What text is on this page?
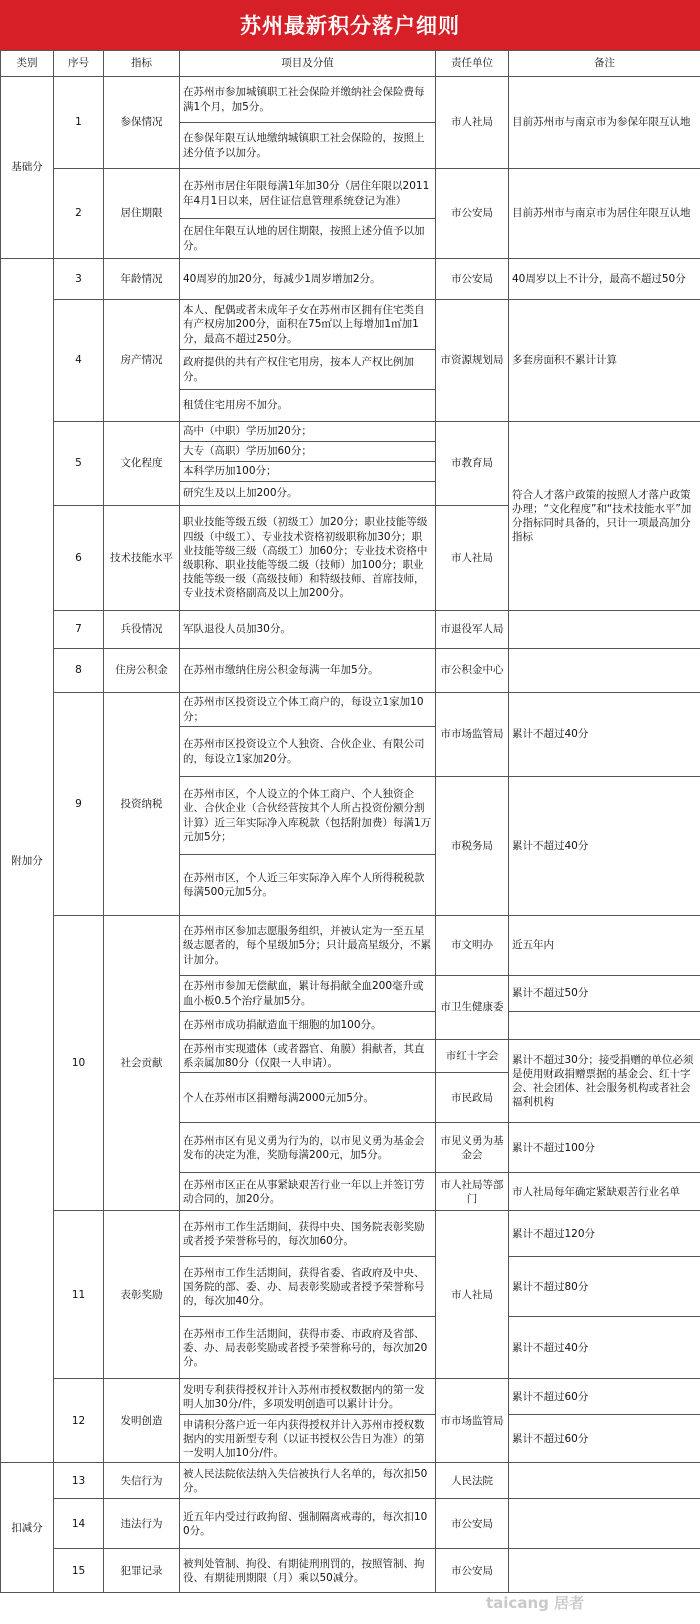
苏州最新积分落户细则
类别	序号	指标	项目及分值	责任单位	备注
基础分	1	参保情况	在苏州市参加城镇职工社会保险并缴纳社会保险费每满1个月，加5分。	市人社局	目前苏州市与南京市为参保年限互认地
			在参保年限互认地缴纳城镇职工社会保险的，按照上述分值予以加分。		
	2	居住期限	在苏州市居住年限每满1年加30分（居住年限以2011年4月1日以来，居住证信息管理系统登记为准）	市公安局	目前苏州市与南京市为居住年限互认地
			在居住年限互认地的居住期限，按照上述分值予以加分。		
附加分	3	年龄情况	40周岁的加20分，每减少1周岁增加2分。	市公安局	40周岁以上不计分，最高不超过50分
	4	房产情况	本人、配偶或者未成年子女在苏州市区拥有住宅类自有产权房加200分，面积在75㎡以上每增加1㎡加1分，最高不超过250分。	市资源规划局	多套房面积不累计计算
			政府提供的共有产权住宅用房，按本人产权比例加分。		
			租赁住宅用房不加分。		
	5	文化程度	高中（中职）学历加20分；	市教育局	符合人才落户政策的按照人才落户政策办理；“文化程度”和“技术技能水平”加分指标同时具备的，只计一项最高加分指标
			大专（高职）学历加60分；		
			本科学历加100分；		
			研究生及以上加200分。		
	6	技术技能水平	职业技能等级五级（初级工）加20分；职业技能等级四级（中级工）、专业技术资格初级职称加30分；职业技能等级三级（高级工）加60分；专业技术资格中级职称、职业技能等级二级（技师）加100分；职业技能等级一级（高级技师）和特级技师、首席技师，专业技术资格副高及以上加200分。	市人社局	
	7	兵役情况	军队退役人员加30分。	市退役军人局	
	8	住房公积金	在苏州市缴纳住房公积金每满一年加5分。	市公积金中心	
	9	投资纳税	在苏州市区投资设立个体工商户的，每设立1家加10分；	市市场监管局	累计不超过40分
			在苏州市区投资设立个人独资、合伙企业、有限公司的，每设立1家加20分。		
			在苏州市区，个人设立的个体工商户、个人独资企业、合伙企业（合伙经营按其个人所占投资份额分割计算）近三年实际净入库税款（包括附加费）每满1万元加5分；	市税务局	累计不超过40分
			在苏州市区，个人近三年实际净入库个人所得税税款每满500元加5分。		
	10	社会贡献	在苏州市区参加志愿服务组织，并被认定为一至五星级志愿者的，每个星级加5分；只计最高星级分，不累计加分。	市文明办	近五年内
			在苏州市参加无偿献血，累计每捐献全血200毫升或血小板0.5个治疗量加5分。	市卫生健康委	累计不超过50分
			在苏州市成功捐献造血干细胞的加100分。		
			在苏州市实现遗体（或者器官、角膜）捐献者，其直系亲属加80分（仅限一人申请）。	市红十字会	累计不超过30分；接受捐赠的单位必须是使用财政捐赠票据的基金会、红十字会、社会团体、社会服务机构或者社会福利机构
			个人在苏州市区捐赠每满2000元加5分。	市民政局	
			在苏州市区有见义勇为行为的，以市见义勇为基金会发布的决定为准，奖励每满200元，加5分。	市见义勇为基金会	累计不超过100分
			在苏州市区正在从事紧缺艰苦行业一年以上并签订劳动合同的，加20分。	市人社局等部门	市人社局每年确定紧缺艰苦行业名单
	11	表彰奖励	在苏州市工作生活期间，获得中央、国务院表彰奖励或者授予荣誉称号的，每次加60分。	市人社局	累计不超过120分
			在苏州市工作生活期间，获得省委、省政府及中央、国务院的部、委、办、局表彰奖励或者授予荣誉称号的，每次加40分。		累计不超过80分
			在苏州市工作生活期间，获得市委、市政府及省部、委、办、局表彰奖励或者授予荣誉称号的，每次加20分。		累计不超过40分
	12	发明创造	发明专利获得授权并计入苏州市授权数据内的第一发明人加30分/件，多项发明创造可以累计计分。	市市场监管局	累计不超过60分
			申请积分落户近一年内获得授权并计入苏州市授权数据内的实用新型专利（以证书授权公告日为准）的第一发明人加10分/件。		累计不超过60分
扣减分	13	失信行为	被人民法院依法纳入失信被执行人名单的，每次扣50分。	人民法院	
	14	违法行为	近五年内受过行政拘留、强制隔离戒毒的，每次扣100分。	市公安局	
	15	犯罪记录	被判处管制、拘役、有期徒刑刑罚的，按照管制、拘役、有期徒刑期限（月）乘以50减分。	市公安局	
taicang 居者
